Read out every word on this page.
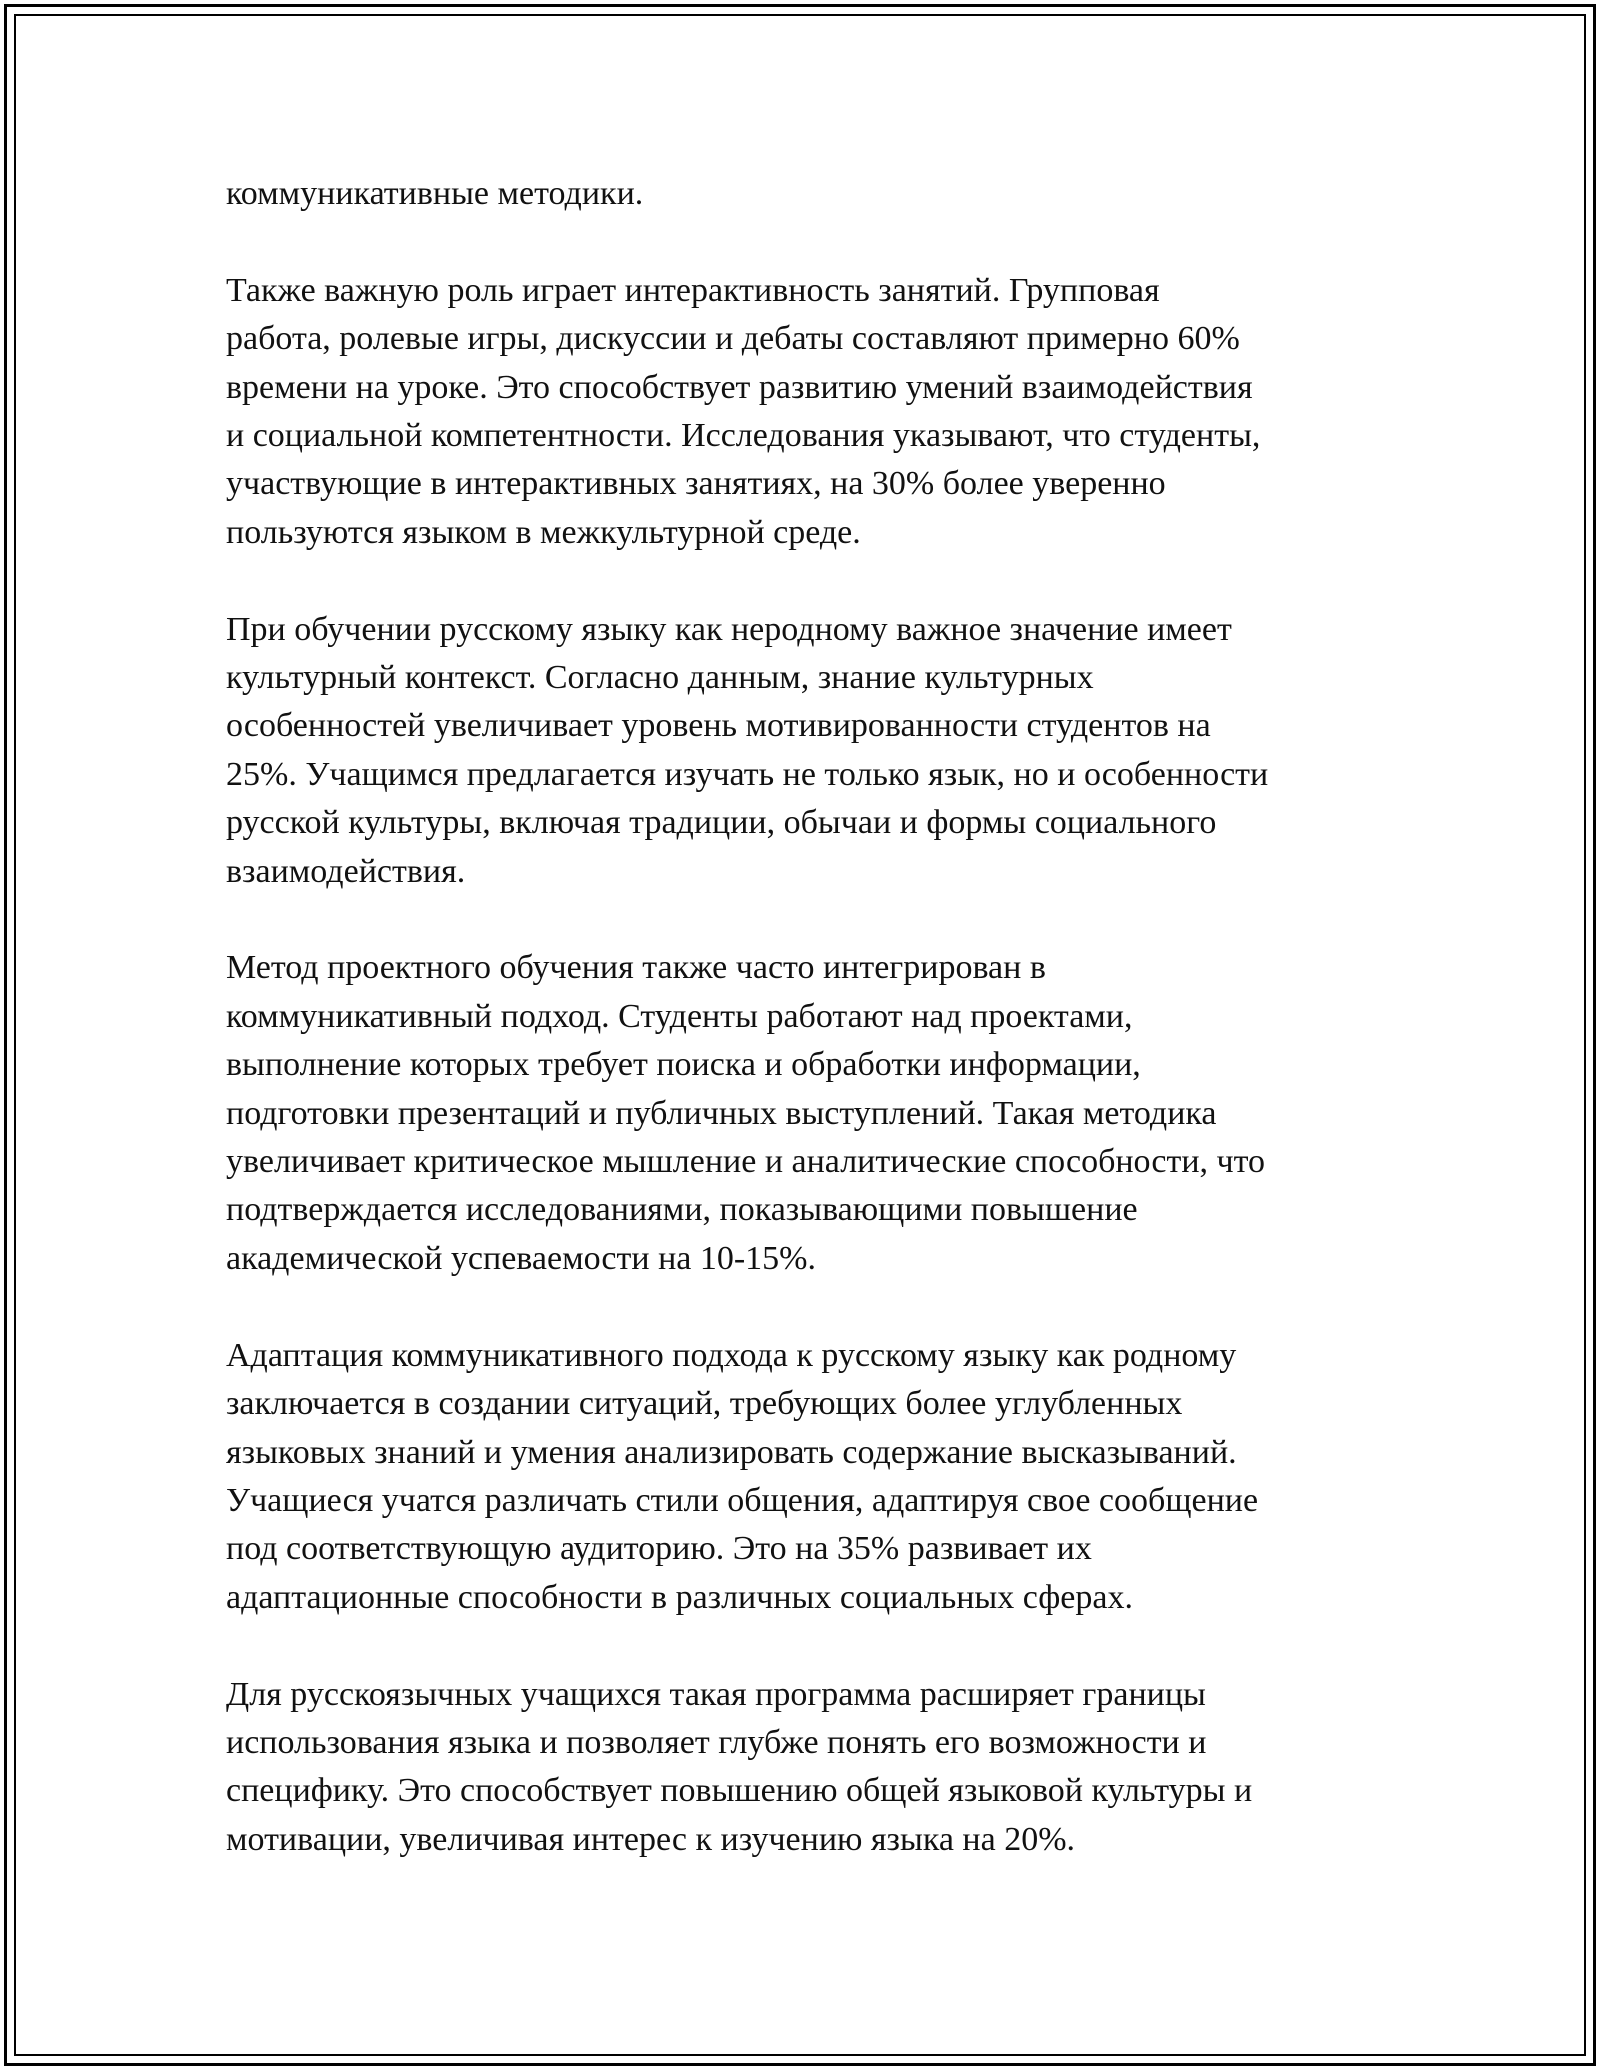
коммуникативные методики.

Также важную роль играет интерактивность занятий. Групповая
работа, ролевые игры, дискуссии и дебаты составляют примерно 60%
времени на уроке. Это способствует развитию умений взаимодействия
и социальной компетентности. Исследования указывают, что студенты,
участвующие в интерактивных занятиях, на 30% более уверенно
пользуются языком в межкультурной среде.

При обучении русскому языку как неродному важное значение имеет
культурный контекст. Согласно данным, знание культурных
особенностей увеличивает уровень мотивированности студентов на
25%. Учащимся предлагается изучать не только язык, но и особенности
русской культуры, включая традиции, обычаи и формы социального
взаимодействия.

Метод проектного обучения также часто интегрирован в
коммуникативный подход. Студенты работают над проектами,
выполнение которых требует поиска и обработки информации,
подготовки презентаций и публичных выступлений. Такая методика
увеличивает критическое мышление и аналитические способности, что
подтверждается исследованиями, показывающими повышение
академической успеваемости на 10-15%.

Адаптация коммуникативного подхода к русскому языку как родному
заключается в создании ситуаций, требующих более углубленных
языковых знаний и умения анализировать содержание высказываний.
Учащиеся учатся различать стили общения, адаптируя свое сообщение
под соответствующую аудиторию. Это на 35% развивает их
адаптационные способности в различных социальных сферах.

Для русскоязычных учащихся такая программа расширяет границы
использования языка и позволяет глубже понять его возможности и
специфику. Это способствует повышению общей языковой культуры и
мотивации, увеличивая интерес к изучению языка на 20%.
